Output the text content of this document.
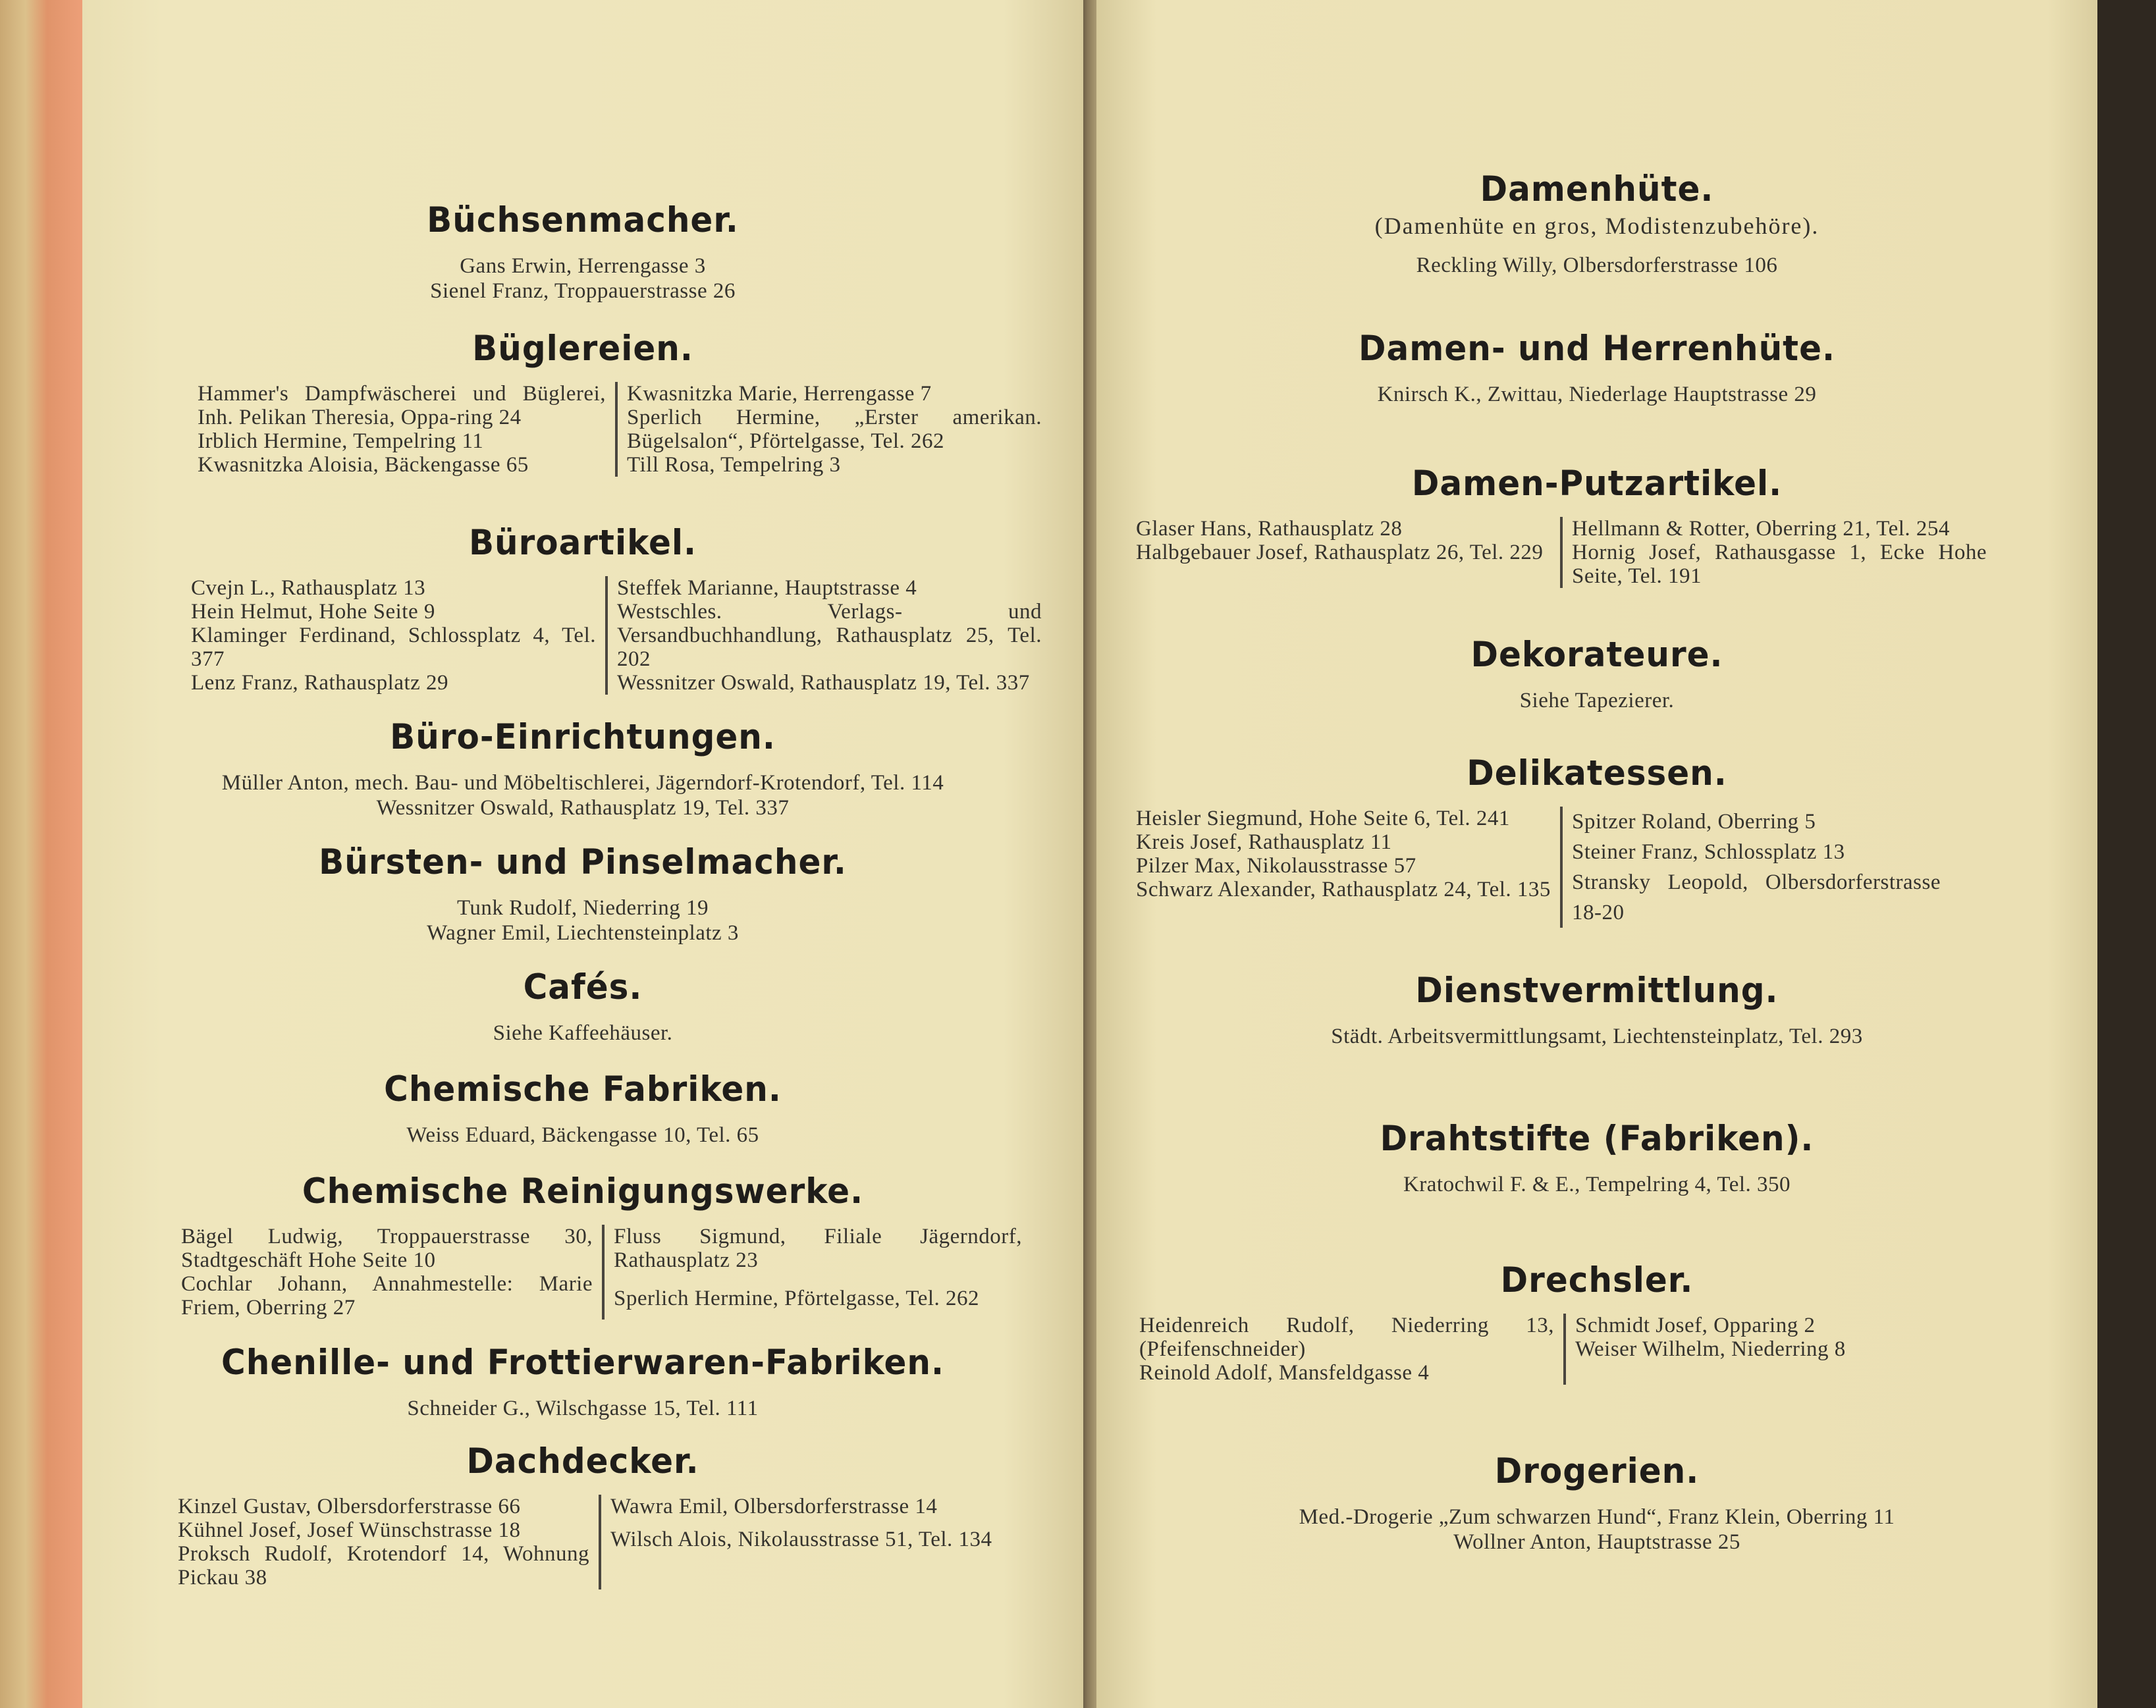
Büchsenmacher.
Gans Erwin, Herrengasse 3
Sienel Franz, Troppauerstrasse 26
Büglereien.

Hammer's Dampfwäscherei und Büglerei, Inh. Pelikan Theresia, Oppa-ring 24

Irblich Hermine, Tempelring 11

Kwasnitzka Aloisia, Bäckengasse 65

Kwasnitzka Marie, Herrengasse 7

Sperlich Hermine, „Erster amerikan. Bügelsalon“, Pförtelgasse, Tel. 262

Till Rosa, Tempelring 3

Büroartikel.

Cvejn L., Rathausplatz 13

Hein Helmut, Hohe Seite 9

Klaminger Ferdinand, Schlossplatz 4, Tel. 377

Lenz Franz, Rathausplatz 29

Steffek Marianne, Hauptstrasse 4

Westschles. Verlags- und Versandbuchhandlung, Rathausplatz 25, Tel. 202

Wessnitzer Oswald, Rathausplatz 19, Tel. 337

Büro-Einrichtungen.
Müller Anton, mech. Bau- und Möbeltischlerei, Jägerndorf-Krotendorf, Tel. 114
Wessnitzer Oswald, Rathausplatz 19, Tel. 337
Bürsten- und Pinselmacher.
Tunk Rudolf, Niederring 19
Wagner Emil, Liechtensteinplatz 3
Cafés.
Siehe Kaffeehäuser.
Chemische Fabriken.
Weiss Eduard, Bäckengasse 10, Tel. 65
Chemische Reinigungswerke.

Bägel Ludwig, Troppauerstrasse 30, Stadtgeschäft Hohe Seite 10

Cochlar Johann, Annahmestelle: Marie Friem, Oberring 27

Fluss Sigmund, Filiale Jägerndorf, Rathausplatz 23

Sperlich Hermine, Pförtelgasse, Tel. 262

Chenille- und Frottierwaren-Fabriken.
Schneider G., Wilschgasse 15, Tel. 111
Dachdecker.

Kinzel Gustav, Olbersdorferstrasse 66

Kühnel Josef, Josef Wünschstrasse 18

Proksch Rudolf, Krotendorf 14, Wohnung Pickau 38

Wawra Emil, Olbersdorferstrasse 14

Wilsch Alois, Nikolausstrasse 51, Tel. 134

Damenhüte.
(Damenhüte en gros, Modistenzubehöre).
Reckling Willy, Olbersdorferstrasse 106
Damen- und Herrenhüte.
Knirsch K., Zwittau, Niederlage Hauptstrasse 29
Damen-Putzartikel.

Glaser Hans, Rathausplatz 28

Halbgebauer Josef, Rathausplatz 26, Tel. 229

Hellmann & Rotter, Oberring 21, Tel. 254

Hornig Josef, Rathausgasse 1, Ecke Hohe Seite, Tel. 191

Dekorateure.
Siehe Tapezierer.
Delikatessen.

Heisler Siegmund, Hohe Seite 6, Tel. 241

Kreis Josef, Rathausplatz 11

Pilzer Max, Nikolausstrasse 57

Schwarz Alexander, Rathausplatz 24, Tel. 135

Spitzer Roland, Oberring 5

Steiner Franz, Schlossplatz 13

Stransky Leopold, Olbersdorferstrasse 18-20

Dienstvermittlung.
Städt. Arbeitsvermittlungsamt, Liechtensteinplatz, Tel. 293
Drahtstifte (Fabriken).
Kratochwil F. & E., Tempelring 4, Tel. 350
Drechsler.

Heidenreich Rudolf, Niederring 13, (Pfeifenschneider)

Reinold Adolf, Mansfeldgasse 4

Schmidt Josef, Opparing 2

Weiser Wilhelm, Niederring 8

Drogerien.
Med.-Drogerie „Zum schwarzen Hund“, Franz Klein, Oberring 11
Wollner Anton, Hauptstrasse 25
